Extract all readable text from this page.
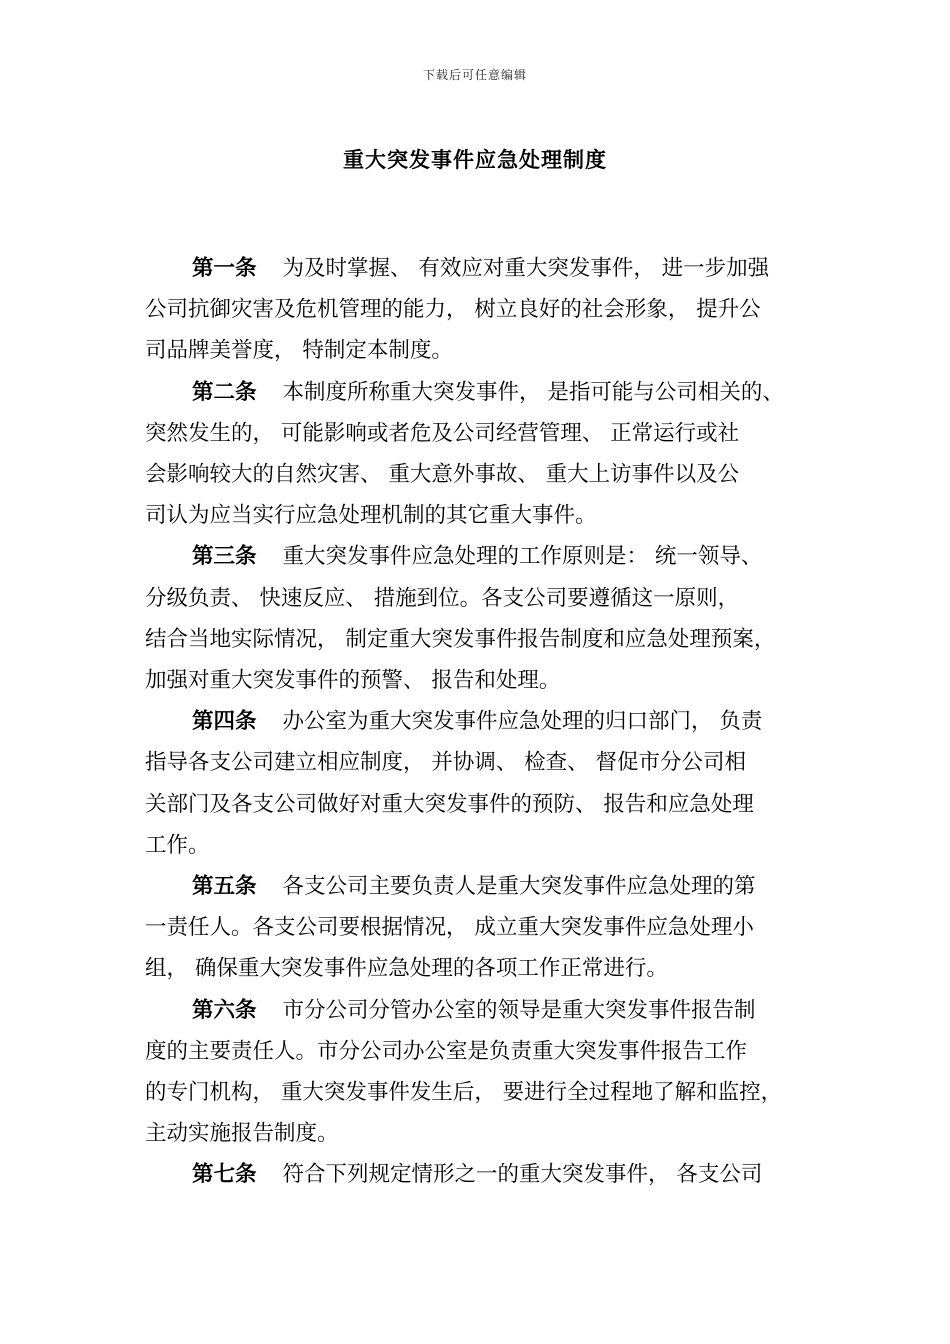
下载后可任意编辑
重大突发事件应急处理制度
第一条 为及时掌握、 有效应对重大突发事件， 进一步加强
公司抗御灾害及危机管理的能力， 树立良好的社会形象， 提升公
司品牌美誉度， 特制定本制度。
第二条 本制度所称重大突发事件， 是指可能与公司相关的、
突然发生的， 可能影响或者危及公司经营管理、 正常运行或社
会影响较大的自然灾害、 重大意外事故、 重大上访事件以及公
司认为应当实行应急处理机制的其它重大事件。
第三条 重大突发事件应急处理的工作原则是： 统一领导、
分级负责、 快速反应、 措施到位。各支公司要遵循这一原则，
结合当地实际情况， 制定重大突发事件报告制度和应急处理预案，
加强对重大突发事件的预警、 报告和处理。
第四条 办公室为重大突发事件应急处理的归口部门， 负责
指导各支公司建立相应制度， 并协调、 检查、 督促市分公司相
关部门及各支公司做好对重大突发事件的预防、 报告和应急处理
工作。
第五条 各支公司主要负责人是重大突发事件应急处理的第
一责任人。各支公司要根据情况， 成立重大突发事件应急处理小
组， 确保重大突发事件应急处理的各项工作正常进行。
第六条 市分公司分管办公室的领导是重大突发事件报告制
度的主要责任人。市分公司办公室是负责重大突发事件报告工作
的专门机构， 重大突发事件发生后， 要进行全过程地了解和监控，
主动实施报告制度。
第七条 符合下列规定情形之一的重大突发事件， 各支公司
